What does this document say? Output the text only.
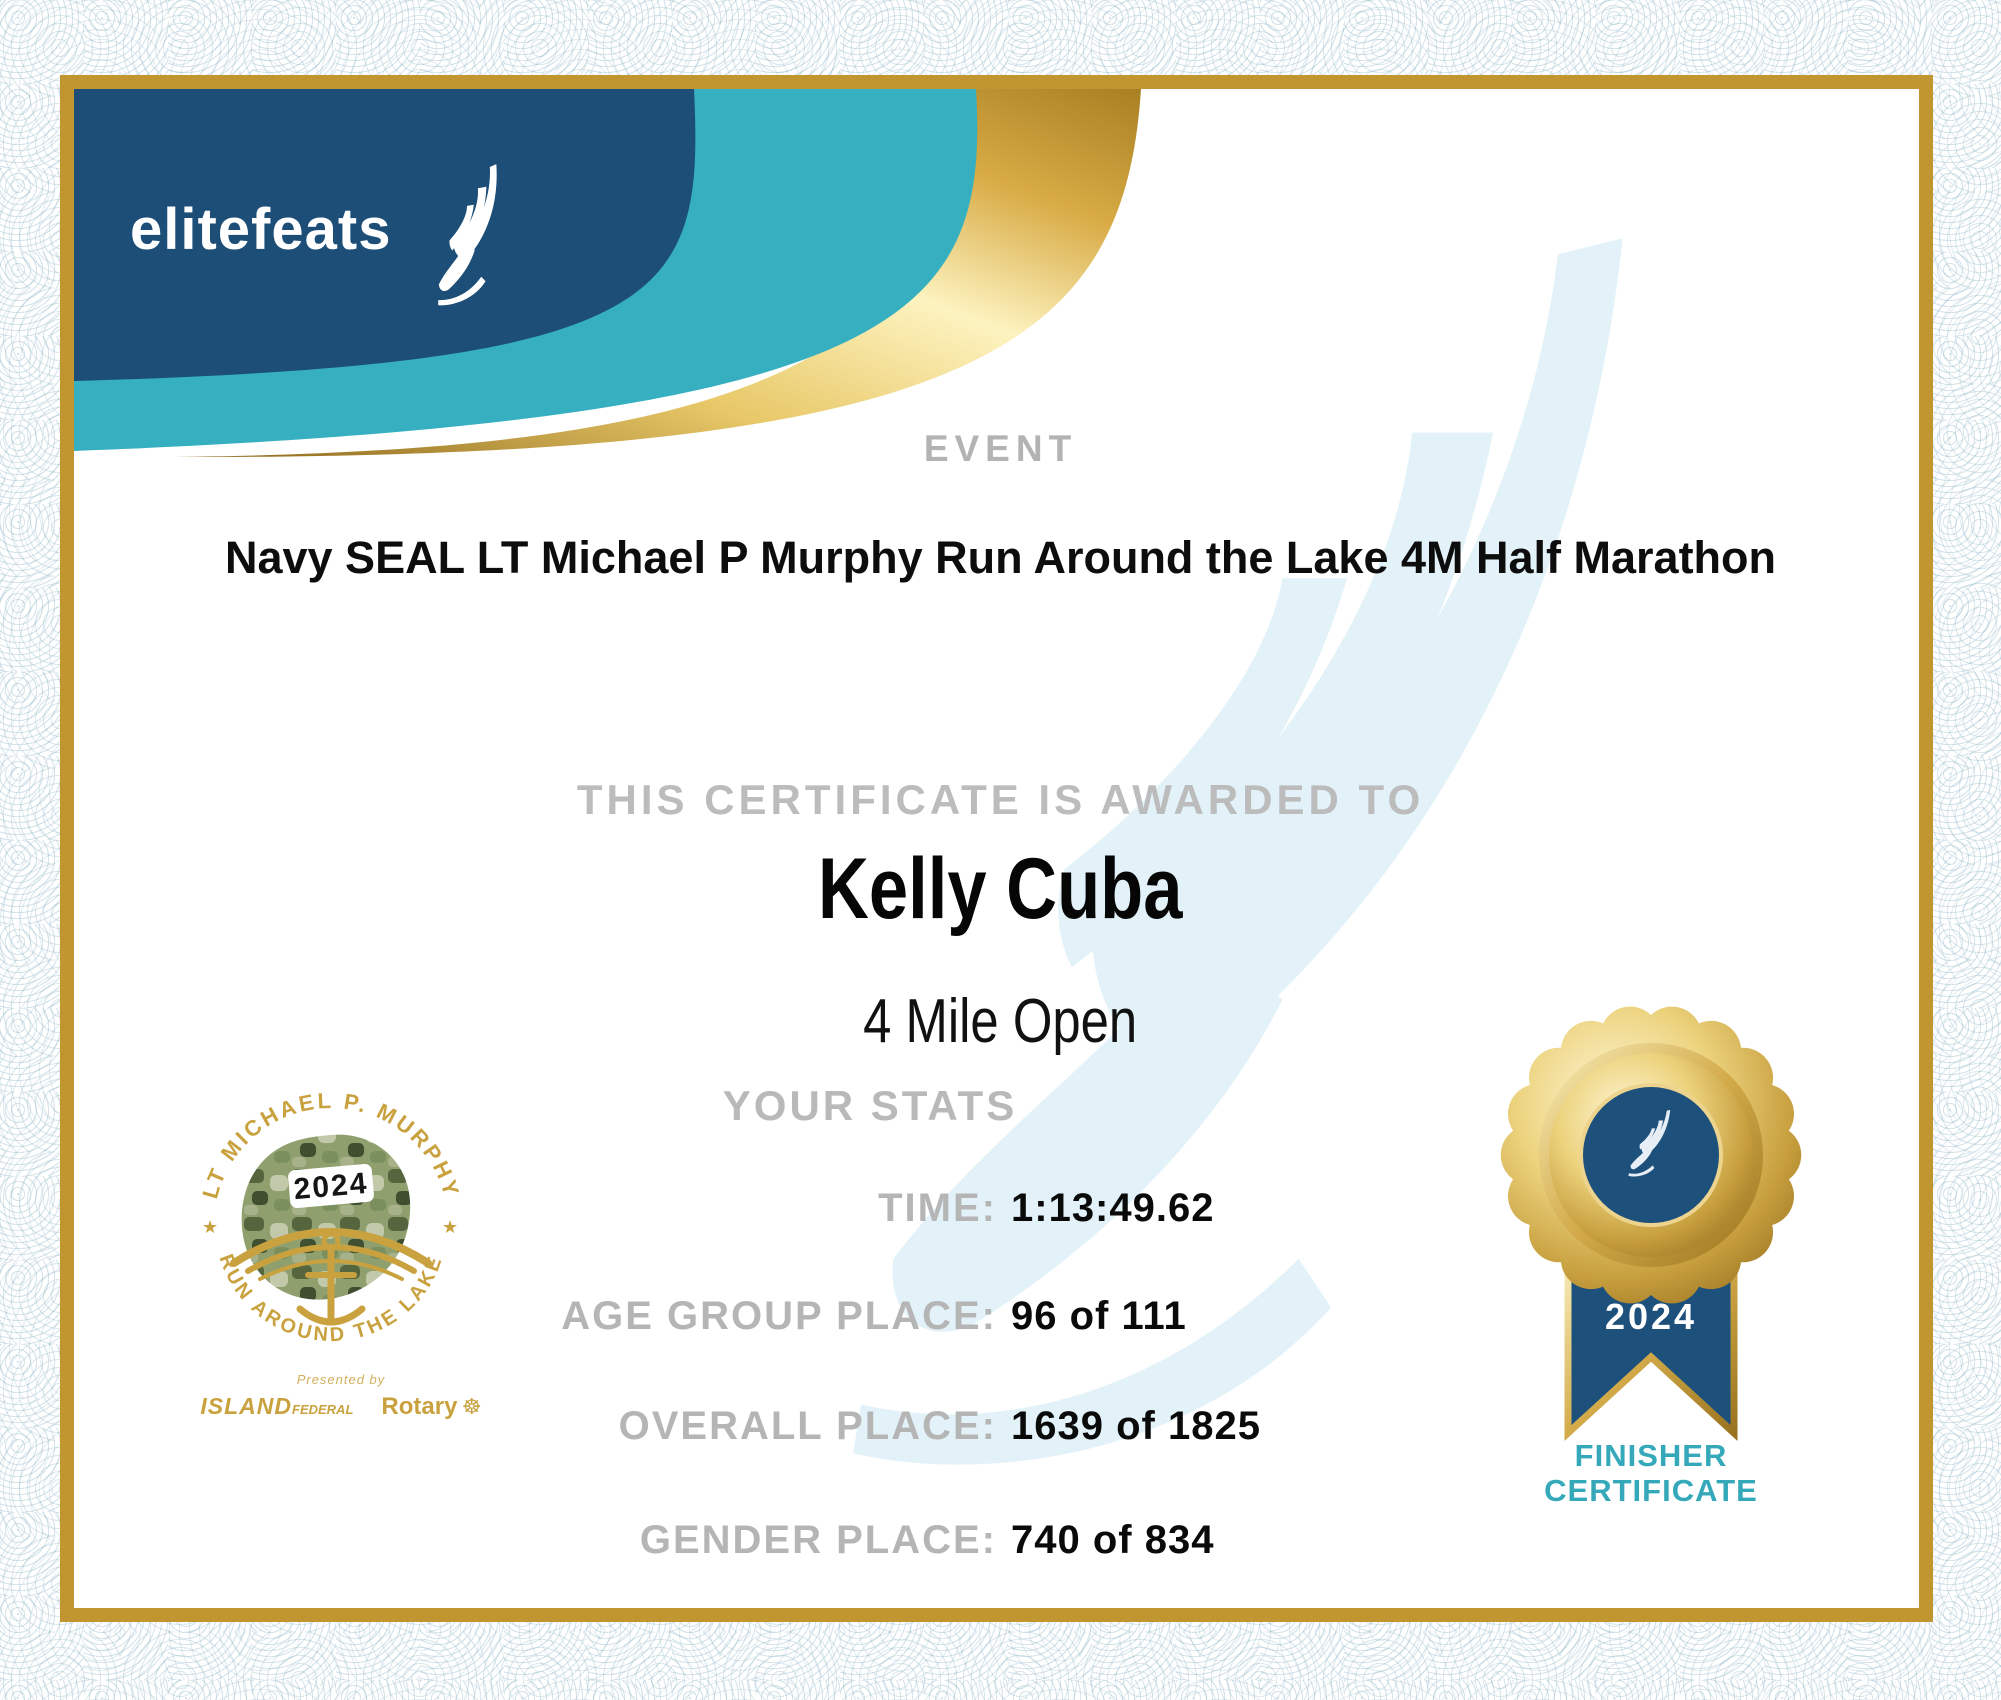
elitefeats
EVENT
Navy SEAL LT Michael P Murphy Run Around the Lake 4M Half Marathon
THIS CERTIFICATE IS AWARDED TO
Kelly Cuba
4 Mile Open
YOUR STATS
TIME: 1:13:49.62
AGE GROUP PLACE: 96 of 111
OVERALL PLACE: 1639 of 1825
GENDER PLACE: 740 of 834
2024
LT MICHAEL P. MURPHY
RUN AROUND THE LAKE
★	★
Presented by
ISLANDFEDERAL Rotary ☸
2024
FINISHER
CERTIFICATE
